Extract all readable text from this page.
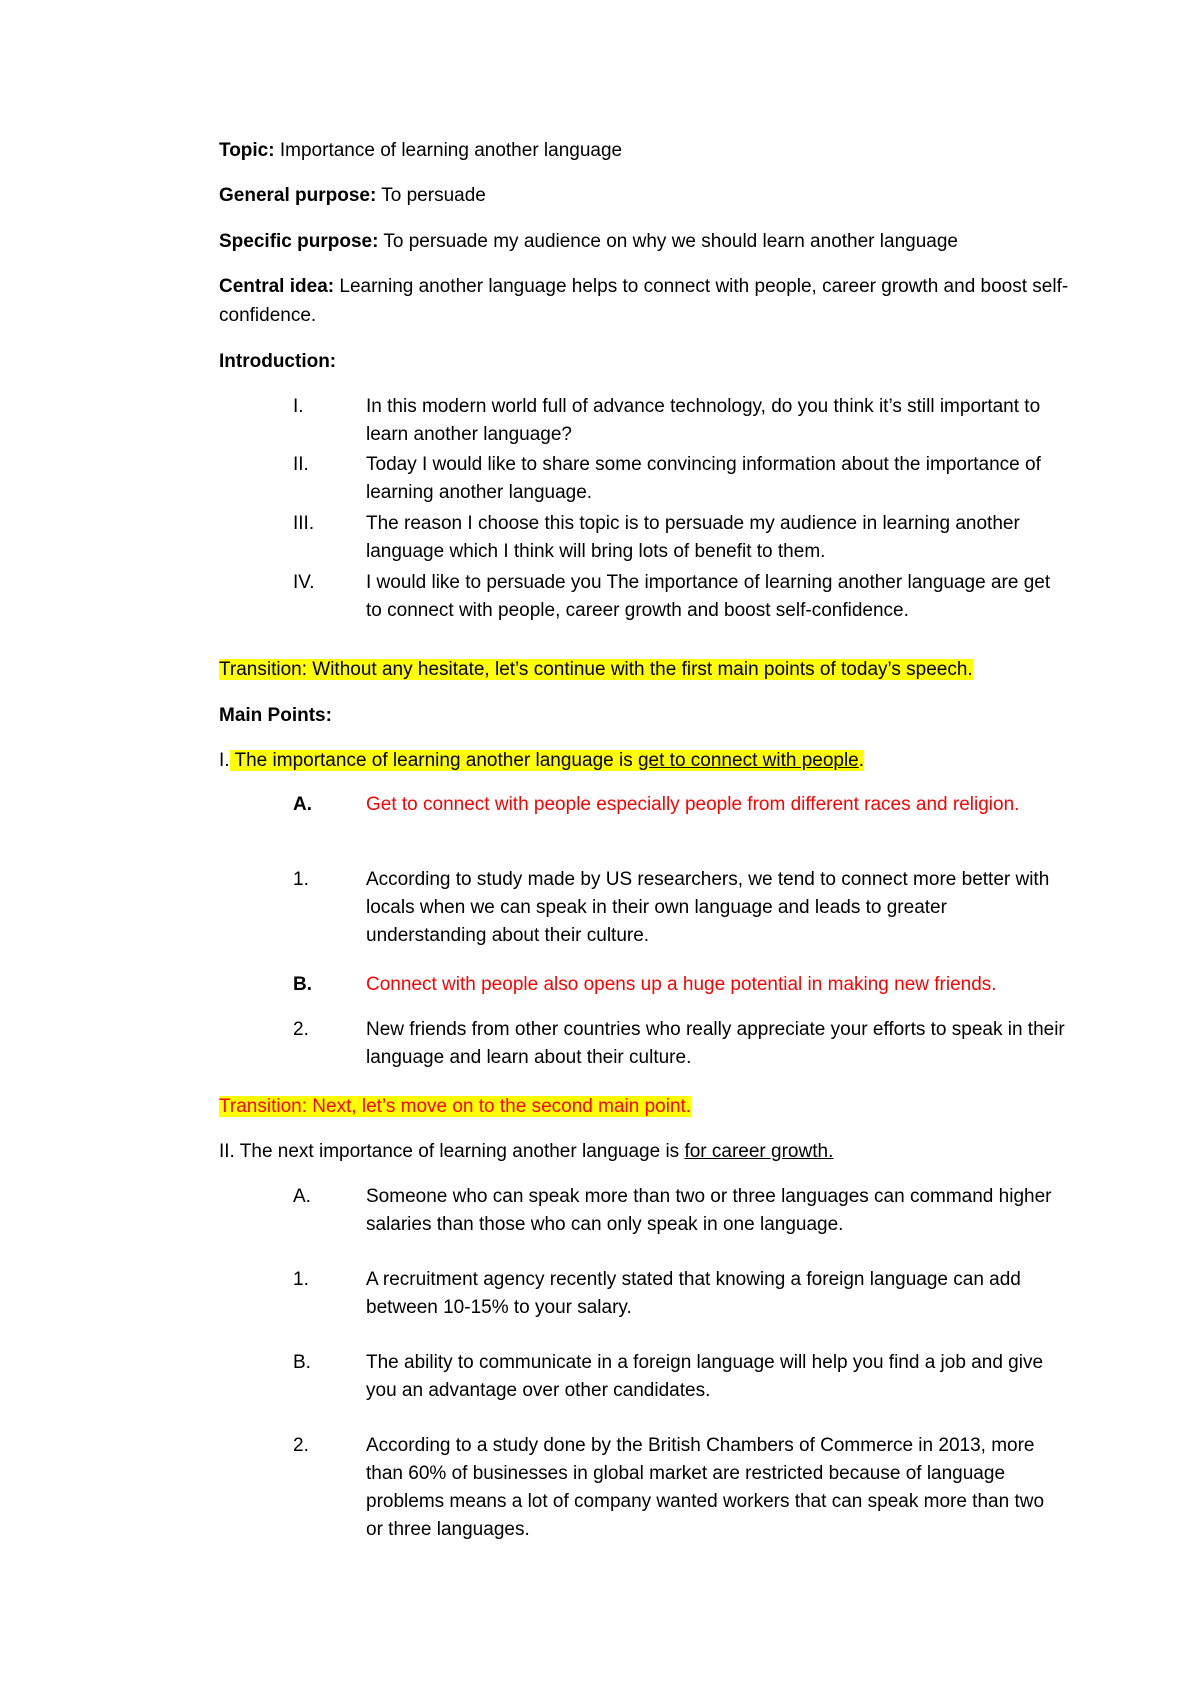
Topic: Importance of learning another language
General purpose: To persuade
Specific purpose: To persuade my audience on why we should learn another language
Central idea: Learning another language helps to connect with people, career growth and boost self-confidence.
Introduction:
I.	In this modern world full of advance technology, do you think it’s still important to learn another language?
II.	Today I would like to share some convincing information about the importance of learning another language.
III.	The reason I choose this topic is to persuade my audience in learning another language which I think will bring lots of benefit to them.
IV.	I would like to persuade you The importance of learning another language are get to connect with people, career growth and boost self-confidence.
Transition: Without any hesitate, let’s continue with the first main points of today’s speech.
Main Points:
I. The importance of learning another language is get to connect with people.
A.	Get to connect with people especially people from different races and religion.
1.	According to study made by US researchers, we tend to connect more better with locals when we can speak in their own language and leads to greater understanding about their culture.
B.	Connect with people also opens up a huge potential in making new friends.
2.	New friends from other countries who really appreciate your efforts to speak in their language and learn about their culture.
Transition: Next, let’s move on to the second main point.
II. The next importance of learning another language is for career growth.
A.	Someone who can speak more than two or three languages can command higher salaries than those who can only speak in one language.
1.	A recruitment agency recently stated that knowing a foreign language can add between 10-15% to your salary.
B.	The ability to communicate in a foreign language will help you find a job and give you an advantage over other candidates.
2.	According to a study done by the British Chambers of Commerce in 2013, more than 60% of businesses in global market are restricted because of language problems means a lot of company wanted workers that can speak more than two or three languages.
